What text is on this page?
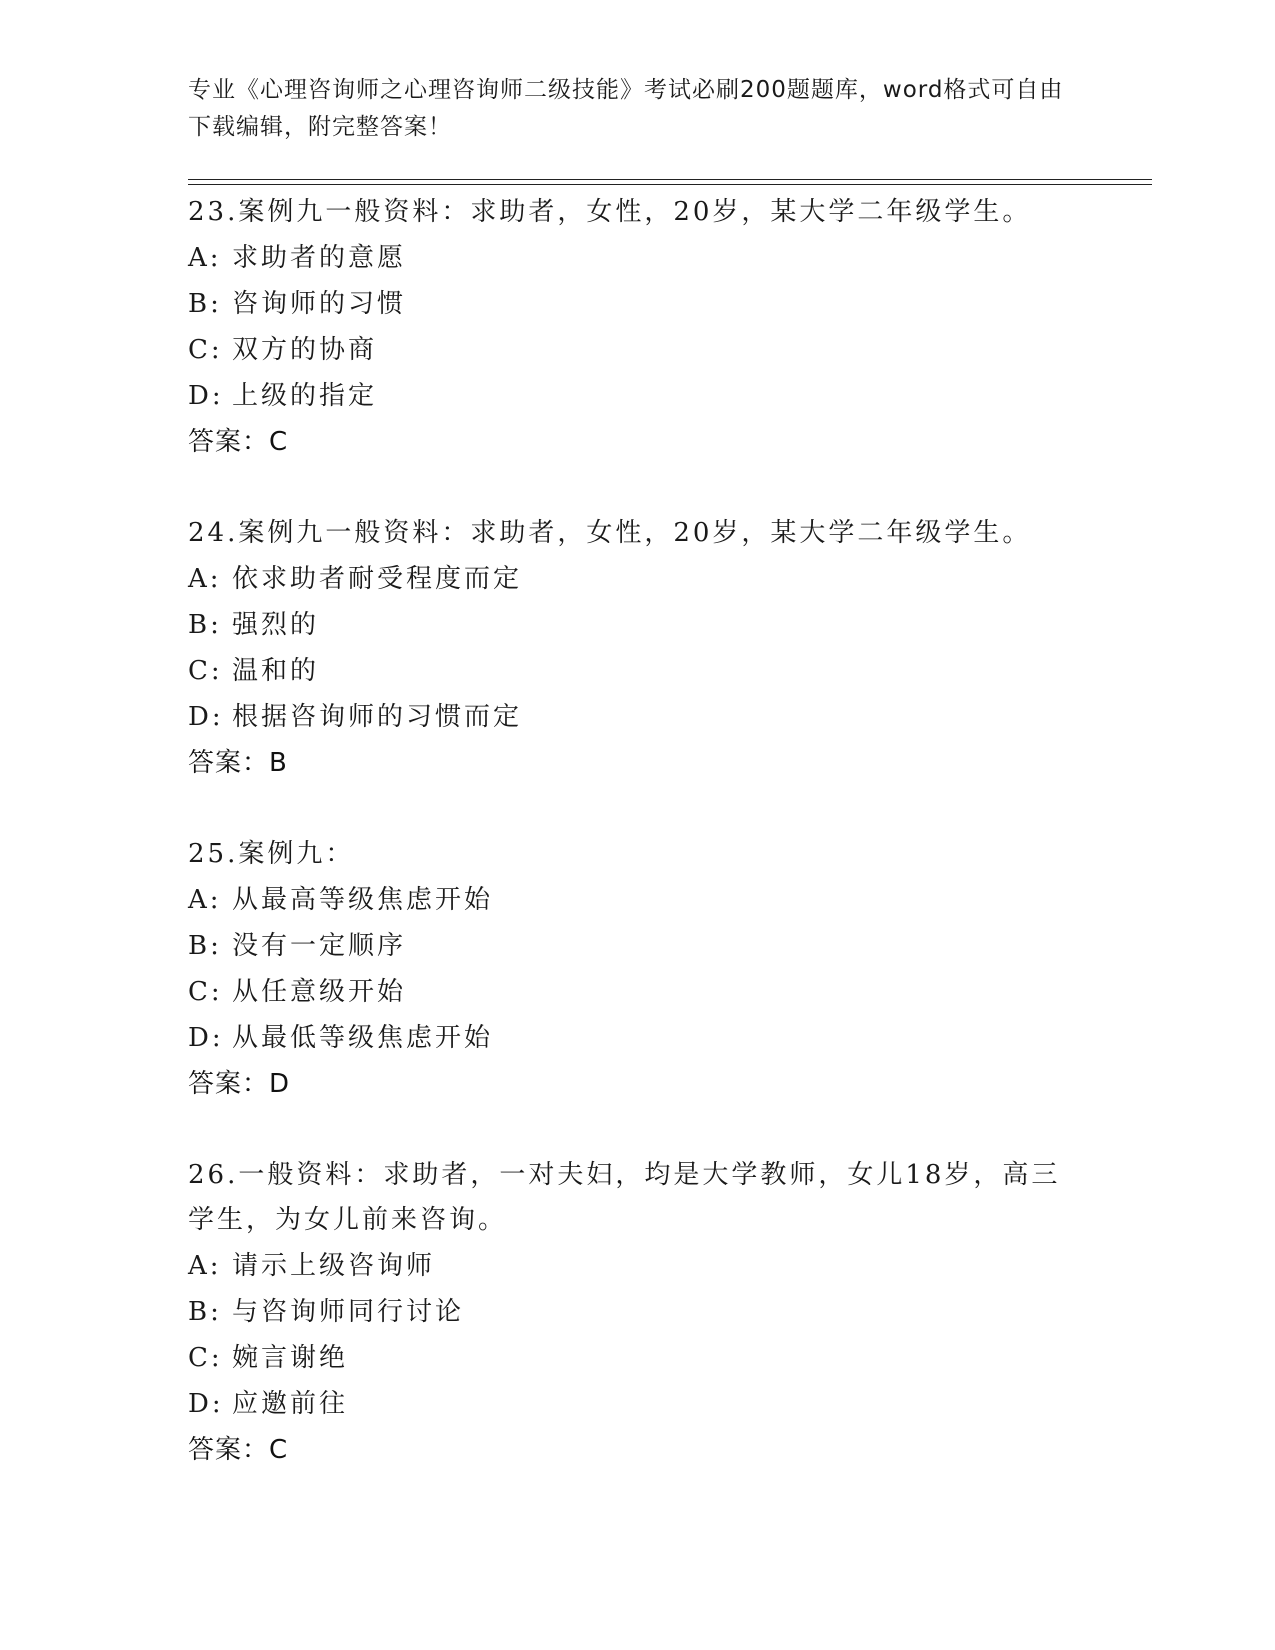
专业《心理咨询师之心理咨询师二级技能》考试必刷200题题库，word格式可自由下载编辑，附完整答案！
23.案例九一般资料：求助者，女性，20岁，某大学二年级学生。
A: 求助者的意愿
B: 咨询师的习惯
C: 双方的协商
D: 上级的指定
答案：C
24.案例九一般资料：求助者，女性，20岁，某大学二年级学生。
A: 依求助者耐受程度而定
B: 强烈的
C: 温和的
D: 根据咨询师的习惯而定
答案：B
25.案例九：
A: 从最高等级焦虑开始
B: 没有一定顺序
C: 从任意级开始
D: 从最低等级焦虑开始
答案：D
26.一般资料：求助者，一对夫妇，均是大学教师，女儿18岁，高三学生，为女儿前来咨询。
A: 请示上级咨询师
B: 与咨询师同行讨论
C: 婉言谢绝
D: 应邀前往
答案：C
